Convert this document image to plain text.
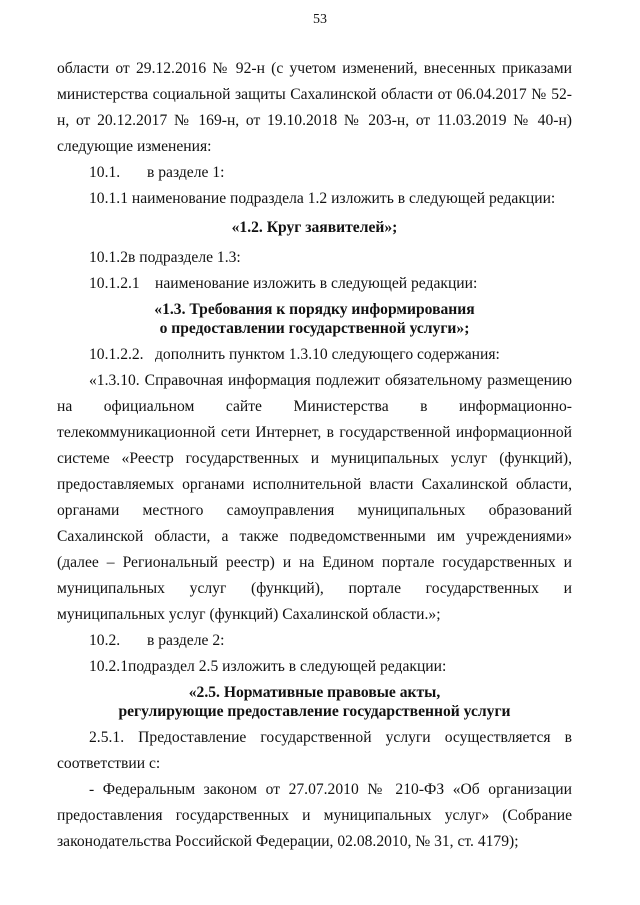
53

области от 29.12.2016 № 92-н (с учетом изменений, внесенных приказами министерства социальной защиты Сахалинской области от 06.04.2017 № 52-н, от 20.12.2017 № 169-н, от 19.10.2018 № 203-н, от 11.03.2019 № 40-н) следующие изменения:

10.1. в разделе 1:

10.1.1 наименование подраздела 1.2 изложить в следующей редакции:

«1.2. Круг заявителей»;

10.1.2в подразделе 1.3:

10.1.2.1 наименование изложить в следующей редакции:

«1.3. Требования к порядку информирования

о предоставлении государственной услуги»;

10.1.2.2. дополнить пунктом 1.3.10 следующего содержания:

«1.3.10. Справочная информация подлежит обязательному размещению на официальном сайте Министерства в информационно-телекоммуникационной сети Интернет, в государственной информационной системе «Реестр государственных и муниципальных услуг (функций), предоставляемых органами исполнительной власти Сахалинской области, органами местного самоуправления муниципальных образований Сахалинской области, а также подведомственными им учреждениями» (далее – Региональный реестр) и на Едином портале государственных и муниципальных услуг (функций), портале государственных и муниципальных услуг (функций) Сахалинской области.»;

10.2. в разделе 2:

10.2.1подраздел 2.5 изложить в следующей редакции:

«2.5. Нормативные правовые акты,

регулирующие предоставление государственной услуги

2.5.1. Предоставление государственной услуги осуществляется в соответствии с:

- Федеральным законом от 27.07.2010 № 210-ФЗ «Об организации предоставления государственных и муниципальных услуг» (Собрание законодательства Российской Федерации, 02.08.2010, № 31, ст. 4179);
